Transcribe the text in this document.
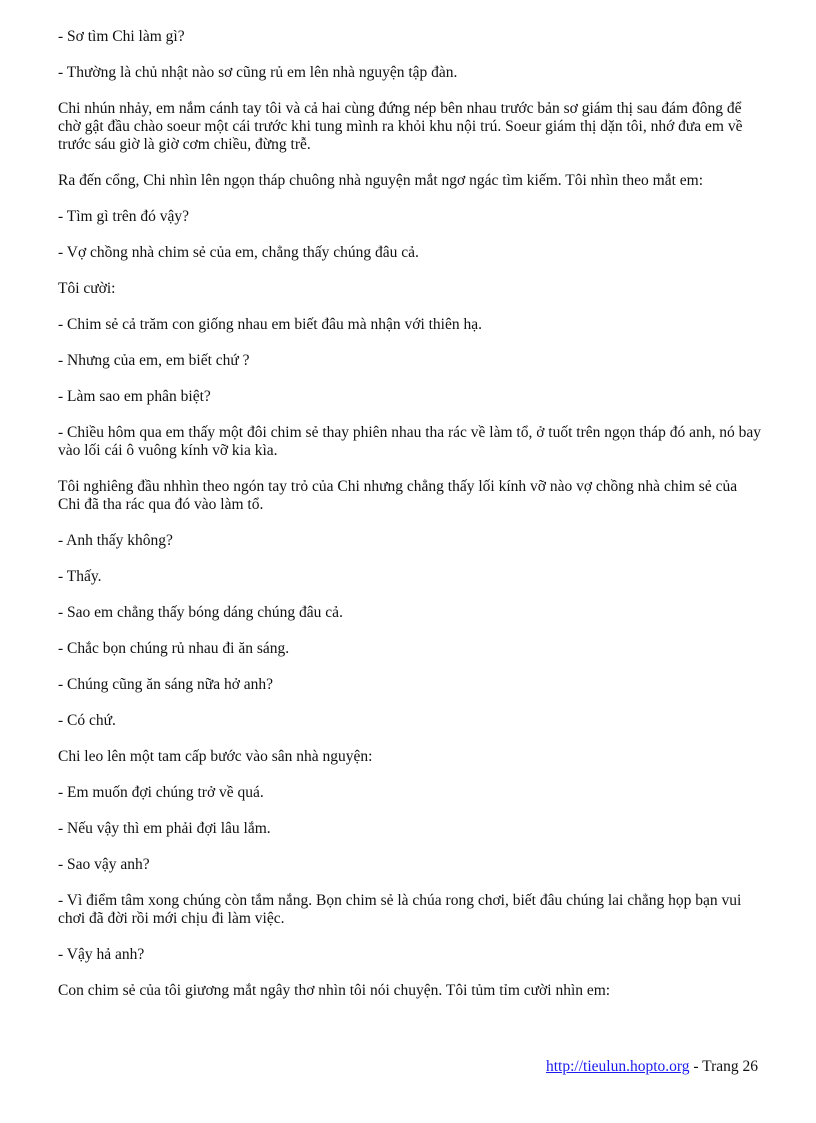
- Sơ tìm Chi làm gì?

- Thường là chủ nhật nào sơ cũng rủ em lên nhà nguyện tập đàn.

Chi nhún nhảy, em nắm cánh tay tôi và cả hai cùng đứng nép bên nhau trước bản sơ giám thị sau đám đông để chờ gật đầu chào soeur một cái trước khi tung mình ra khỏi khu nội trú. Soeur giám thị dặn tôi, nhớ đưa em về trước sáu giờ là giờ cơm chiều, đừng trễ.

Ra đến cổng, Chi nhìn lên ngọn tháp chuông nhà nguyện mắt ngơ ngác tìm kiếm. Tôi nhìn theo mắt em:

- Tìm gì trên đó vậy?

- Vợ chồng nhà chim sẻ của em, chẳng thấy chúng đâu cả.

Tôi cười:

- Chim sẻ cả trăm con giống nhau em biết đâu mà nhận với thiên hạ.

- Nhưng của em, em biết chứ ?

- Làm sao em phân biệt?

- Chiều hôm qua em thấy một đôi chim sẻ thay phiên nhau tha rác về làm tổ, ở tuốt trên ngọn tháp đó anh, nó bay vào lối cái ô vuông kính vỡ kia kìa.

Tôi nghiêng đầu nhhìn theo ngón tay trỏ của Chi nhưng chẳng thấy lối kính vỡ nào vợ chồng nhà chim sẻ của Chi đã tha rác qua đó vào làm tổ.

- Anh thấy không?

- Thấy.

- Sao em chẳng thấy bóng dáng chúng đâu cả.

- Chắc bọn chúng rủ nhau đi ăn sáng.

- Chúng cũng ăn sáng nữa hở anh?

- Có chứ.

Chi leo lên một tam cấp bước vào sân nhà nguyện:

- Em muốn đợi chúng trở về quá.

- Nếu vậy thì em phải đợi lâu lắm.

- Sao vậy anh?

- Vì điểm tâm xong chúng còn tắm nắng. Bọn chim sẻ là chúa rong chơi, biết đâu chúng lai chẳng họp bạn vui chơi đã đời rồi mới chịu đi làm việc.

- Vậy hả anh?

Con chim sẻ của tôi giương mắt ngây thơ nhìn tôi nói chuyện. Tôi tủm tỉm cười nhìn em:

http://tieulun.hopto.org - Trang 26
